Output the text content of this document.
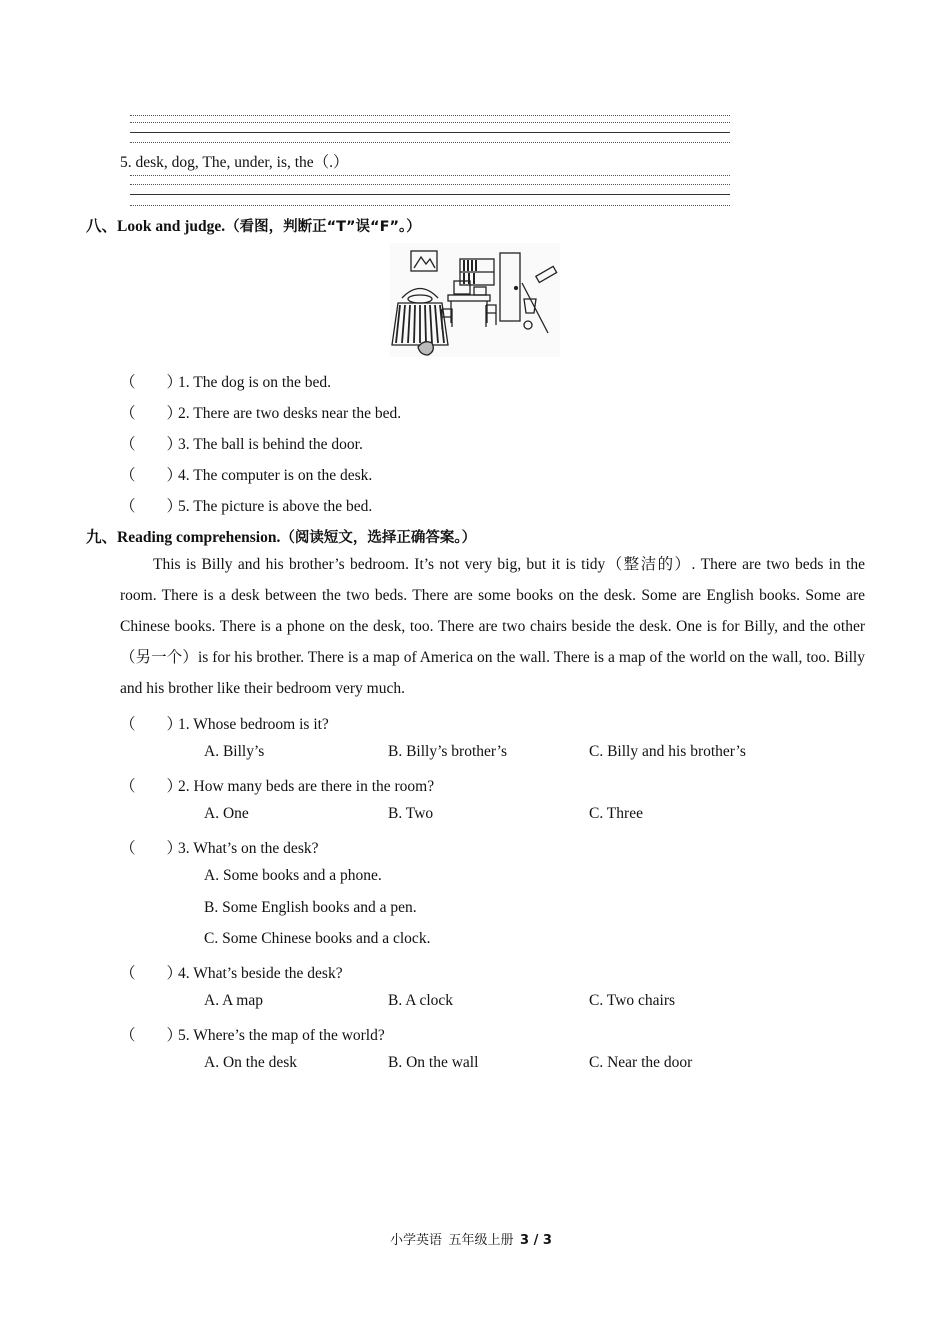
5. desk, dog, The, under, is, the（.）
八、Look and judge.（看图，判断正“T”误“F”。）
（　　）1. The dog is on the bed.
（　　）2. There are two desks near the bed.
（　　）3. The ball is behind the door.
（　　）4. The computer is on the desk.
（　　）5. The picture is above the bed.
九、Reading comprehension.（阅读短文，选择正确答案。）
This is Billy and his brother’s bedroom. It’s not very big, but it is tidy（整洁的）. There are two beds in the room. There is a desk between the two beds. There are some books on the desk. Some are English books. Some are Chinese books. There is a phone on the desk, too. There are two chairs beside the desk. One is for Billy, and the other（另一个）is for his brother. There is a map of America on the wall. There is a map of the world on the wall, too. Billy and his brother like their bedroom very much.
（　　）1. Whose bedroom is it?
A. Billy’s	B. Billy’s brother’s	C. Billy and his brother’s
（　　）2. How many beds are there in the room?
A. One	B. Two	C. Three
（　　）3. What’s on the desk?
A. Some books and a phone.
B. Some English books and a pen.
C. Some Chinese books and a clock.
（　　）4. What’s beside the desk?
A. A map	B. A clock	C. Two chairs
（　　）5. Where’s the map of the world?
A. On the desk	B. On the wall	C. Near the door
小学英语  五年级上册  3 / 3
